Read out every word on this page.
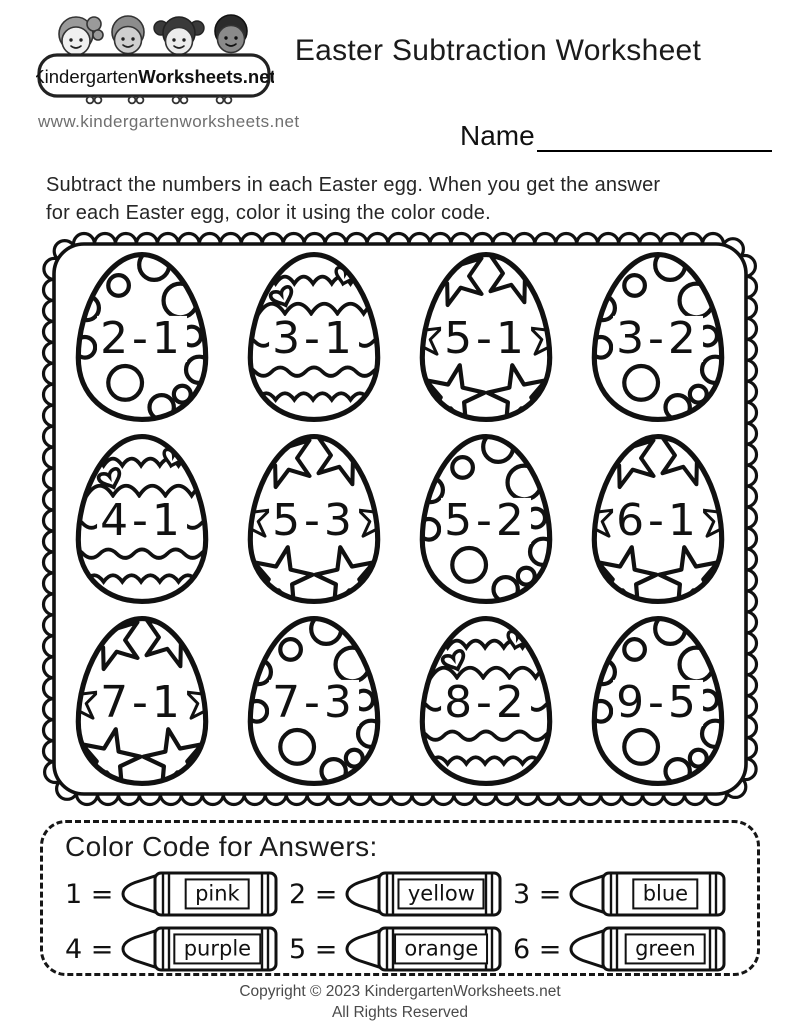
KindergartenWorksheets.net
www.kindergartenworksheets.net
Easter Subtraction Worksheet
Name
Subtract the numbers in each Easter egg. When you get the answer
for each Easter egg, color it using the color code.
2-1 3-1 5-1 3-2
4-1 5-3 5-2 6-1
7-1 7-3 8-2 9-5
Color Code for Answers:
1 =	pink	2 =	yellow	3 =	blue
4 =	purple	5 =	orange	6 =	green
Copyright © 2023 KindergartenWorksheets.net
All Rights Reserved
